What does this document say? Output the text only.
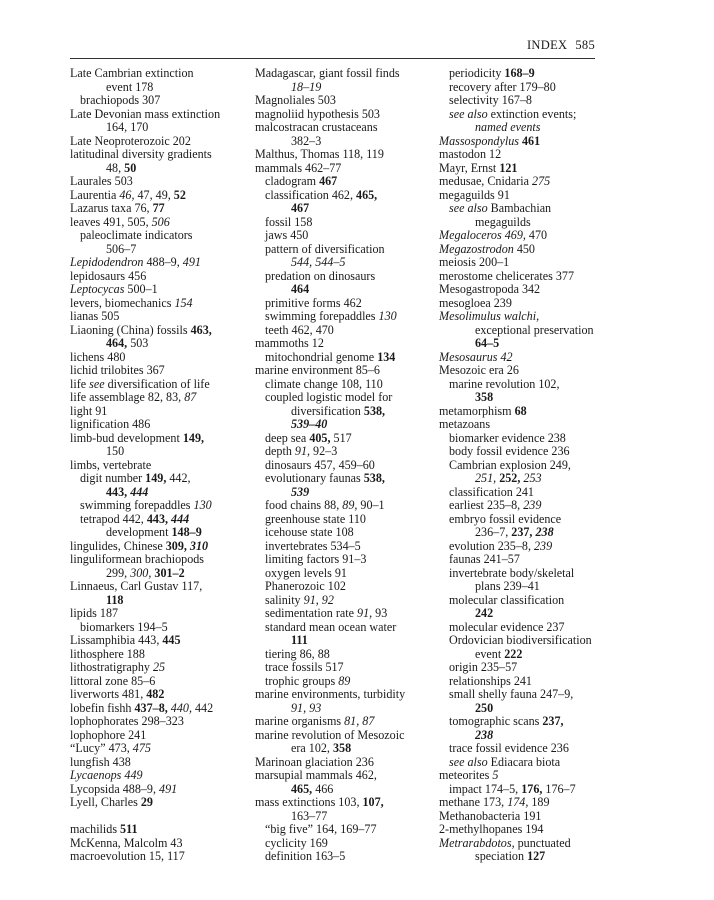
INDEX 585
Late Cambrian extinction
event 178
brachiopods 307
Late Devonian mass extinction
164, 170
Late Neoproterozoic 202
latitudinal diversity gradients
48, 50
Laurales 503
Laurentia 46, 47, 49, 52
Lazarus taxa 76, 77
leaves 491, 505, 506
paleoclimate indicators
506–7
Lepidodendron 488–9, 491
lepidosaurs 456
Leptocycas 500–1
levers, biomechanics 154
lianas 505
Liaoning (China) fossils 463,
464, 503
lichens 480
lichid trilobites 367
life see diversification of life
life assemblage 82, 83, 87
light 91
lignification 486
limb-bud development 149,
150
limbs, vertebrate
digit number 149, 442,
443, 444
swimming forepaddles 130
tetrapod 442, 443, 444
development 148–9
lingulides, Chinese 309, 310
linguliformean brachiopods
299, 300, 301–2
Linnaeus, Carl Gustav 117,
118
lipids 187
biomarkers 194–5
Lissamphibia 443, 445
lithosphere 188
lithostratigraphy 25
littoral zone 85–6
liverworts 481, 482
lobefin fishh 437–8, 440, 442
lophophorates 298–323
lophophore 241
“Lucy” 473, 475
lungfish 438
Lycaenops 449
Lycopsida 488–9, 491
Lyell, Charles 29
machilids 511
McKenna, Malcolm 43
macroevolution 15, 117
Madagascar, giant fossil finds
18–19
Magnoliales 503
magnoliid hypothesis 503
malcostracan crustaceans
382–3
Malthus, Thomas 118, 119
mammals 462–77
cladogram 467
classification 462, 465,
467
fossil 158
jaws 450
pattern of diversification
544, 544–5
predation on dinosaurs
464
primitive forms 462
swimming forepaddles 130
teeth 462, 470
mammoths 12
mitochondrial genome 134
marine environment 85–6
climate change 108, 110
coupled logistic model for
diversification 538,
539–40
deep sea 405, 517
depth 91, 92–3
dinosaurs 457, 459–60
evolutionary faunas 538,
539
food chains 88, 89, 90–1
greenhouse state 110
icehouse state 108
invertebrates 534–5
limiting factors 91–3
oxygen levels 91
Phanerozoic 102
salinity 91, 92
sedimentation rate 91, 93
standard mean ocean water
111
tiering 86, 88
trace fossils 517
trophic groups 89
marine environments, turbidity
91, 93
marine organisms 81, 87
marine revolution of Mesozoic
era 102, 358
Marinoan glaciation 236
marsupial mammals 462,
465, 466
mass extinctions 103, 107,
163–77
“big five” 164, 169–77
cyclicity 169
definition 163–5
periodicity 168–9
recovery after 179–80
selectivity 167–8
see also extinction events;
named events
Massospondylus 461
mastodon 12
Mayr, Ernst 121
medusae, Cnidaria 275
megaguilds 91
see also Bambachian
megaguilds
Megaloceros 469, 470
Megazostrodon 450
meiosis 200–1
merostome chelicerates 377
Mesogastropoda 342
mesogloea 239
Mesolimulus walchi,
exceptional preservation
64–5
Mesosaurus 42
Mesozoic era 26
marine revolution 102,
358
metamorphism 68
metazoans
biomarker evidence 238
body fossil evidence 236
Cambrian explosion 249,
251, 252, 253
classification 241
earliest 235–8, 239
embryo fossil evidence
236–7, 237, 238
evolution 235–8, 239
faunas 241–57
invertebrate body/skeletal
plans 239–41
molecular classification
242
molecular evidence 237
Ordovician biodiversification
event 222
origin 235–57
relationships 241
small shelly fauna 247–9,
250
tomographic scans 237,
238
trace fossil evidence 236
see also Ediacara biota
meteorites 5
impact 174–5, 176, 176–7
methane 173, 174, 189
Methanobacteria 191
2-methylhopanes 194
Metrarabdotos, punctuated
speciation 127
